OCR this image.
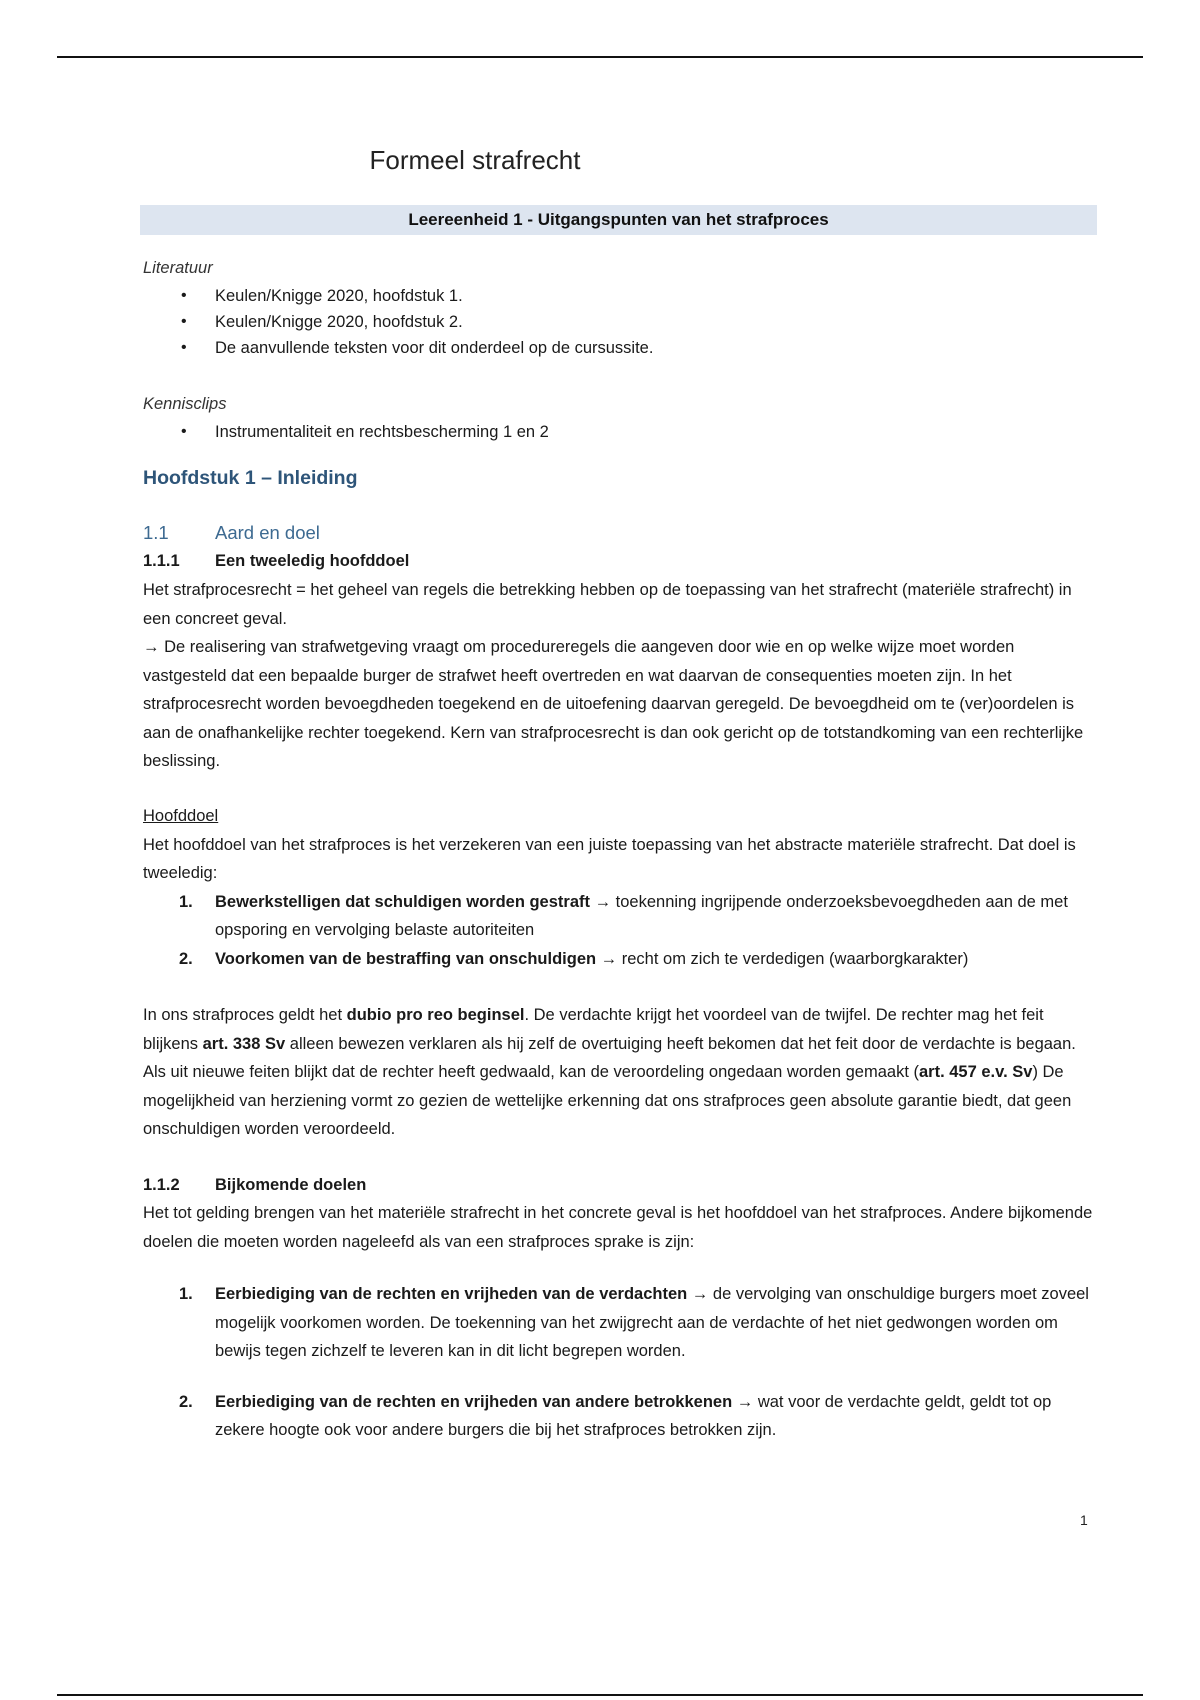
Formeel strafrecht
Leereenheid 1 - Uitgangspunten van het strafproces
Literatuur
• Keulen/Knigge 2020, hoofdstuk 1.
• Keulen/Knigge 2020, hoofdstuk 2.
• De aanvullende teksten voor dit onderdeel op de cursussite.
Kennisclips
• Instrumentaliteit en rechtsbescherming 1 en 2
Hoofdstuk 1 – Inleiding
1.1	Aard en doel
1.1.1 Een tweeledig hoofddoel

Het strafprocesrecht = het geheel van regels die betrekking hebben op de toepassing van het strafrecht (materiële strafrecht) in een concreet geval.

→ De realisering van strafwetgeving vraagt om procedureregels die aangeven door wie en op welke wijze moet worden vastgesteld dat een bepaalde burger de strafwet heeft overtreden en wat daarvan de consequenties moeten zijn. In het strafprocesrecht worden bevoegdheden toegekend en de uitoefening daarvan geregeld. De bevoegdheid om te (ver)oordelen is aan de onafhankelijke rechter toegekend. Kern van strafprocesrecht is dan ook gericht op de totstandkoming van een rechterlijke beslissing.

Hoofddoel

Het hoofddoel van het strafproces is het verzekeren van een juiste toepassing van het abstracte materiële strafrecht. Dat doel is tweeledig:

1. Bewerkstelligen dat schuldigen worden gestraft → toekenning ingrijpende onderzoeksbevoegdheden aan de met opsporing en vervolging belaste autoriteiten
2. Voorkomen van de bestraffing van onschuldigen → recht om zich te verdedigen (waarborgkarakter)

In ons strafproces geldt het dubio pro reo beginsel. De verdachte krijgt het voordeel van de twijfel. De rechter mag het feit blijkens art. 338 Sv alleen bewezen verklaren als hij zelf de overtuiging heeft bekomen dat het feit door de verdachte is begaan. Als uit nieuwe feiten blijkt dat de rechter heeft gedwaald, kan de veroordeling ongedaan worden gemaakt (art. 457 e.v. Sv) De mogelijkheid van herziening vormt zo gezien de wettelijke erkenning dat ons strafproces geen absolute garantie biedt, dat geen onschuldigen worden veroordeeld.

1.1.2 Bijkomende doelen
Het tot gelding brengen van het materiële strafrecht in het concrete geval is het hoofddoel van het strafproces. Andere bijkomende doelen die moeten worden nageleefd als van een strafproces sprake is zijn:
1. Eerbiediging van de rechten en vrijheden van de verdachten → de vervolging van onschuldige burgers moet zoveel mogelijk voorkomen worden. De toekenning van het zwijgrecht aan de verdachte of het niet gedwongen worden om bewijs tegen zichzelf te leveren kan in dit licht begrepen worden.
2. Eerbiediging van de rechten en vrijheden van andere betrokkenen → wat voor de verdachte geldt, geldt tot op zekere hoogte ook voor andere burgers die bij het strafproces betrokken zijn.
1
